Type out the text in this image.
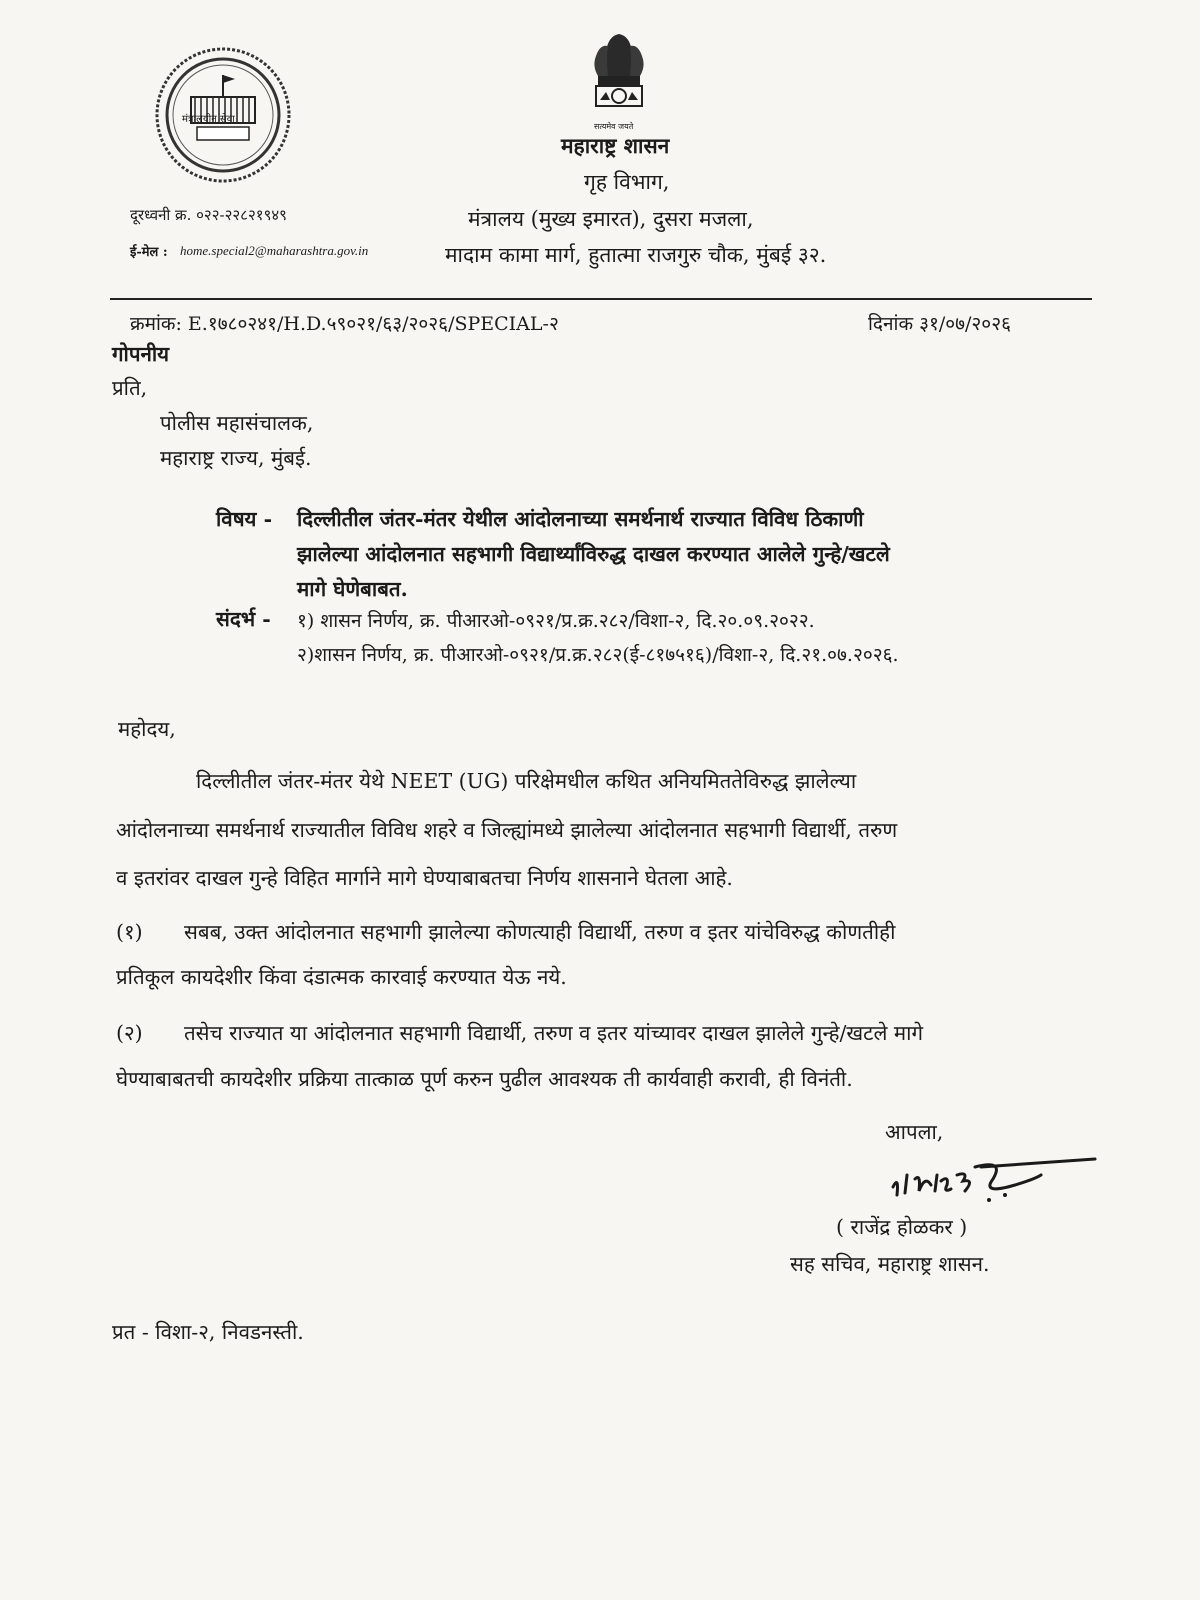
मंत्रालयीन सेवा
सत्यमेव जयते
महाराष्ट्र शासन
गृह विभाग,
मंत्रालय (मुख्य इमारत), दुसरा मजला,
मादाम कामा मार्ग, हुतात्मा राजगुरु चौक, मुंबई ३२.
दूरध्वनी क्र. ०२२-२२८२१९४९
ई-मेल : home.special2@maharashtra.gov.in
क्रमांक: E.१७८०२४१/H.D.५९०२१/६३/२०२६/SPECIAL-२	दिनांक ३१/०७/२०२६
गोपनीय
प्रति,
पोलीस महासंचालक,
महाराष्ट्र राज्य, मुंबई.
विषय - दिल्लीतील जंतर-मंतर येथील आंदोलनाच्या समर्थनार्थ राज्यात विविध ठिकाणी
झालेल्या आंदोलनात सहभागी विद्यार्थ्यांविरुद्ध दाखल करण्यात आलेले गुन्हे/खटले
मागे घेणेबाबत.
संदर्भ - १) शासन निर्णय, क्र. पीआरओ-०९२१/प्र.क्र.२८२/विशा-२, दि.२०.०९.२०२२.
२)शासन निर्णय, क्र. पीआरओ-०९२१/प्र.क्र.२८२(ई-८१७५१६)/विशा-२, दि.२१.०७.२०२६.
महोदय,
दिल्लीतील जंतर-मंतर येथे NEET (UG) परिक्षेमधील कथित अनियमिततेविरुद्ध झालेल्या
आंदोलनाच्या समर्थनार्थ राज्यातील विविध शहरे व जिल्ह्यांमध्ये झालेल्या आंदोलनात सहभागी विद्यार्थी, तरुण
व इतरांवर दाखल गुन्हे विहित मार्गाने मागे घेण्याबाबतचा निर्णय शासनाने घेतला आहे.
(१) सबब, उक्त आंदोलनात सहभागी झालेल्या कोणत्याही विद्यार्थी, तरुण व इतर यांचेविरुद्ध कोणतीही
प्रतिकूल कायदेशीर किंवा दंडात्मक कारवाई करण्यात येऊ नये.
(२) तसेच राज्यात या आंदोलनात सहभागी विद्यार्थी, तरुण व इतर यांच्यावर दाखल झालेले गुन्हे/खटले मागे
घेण्याबाबतची कायदेशीर प्रक्रिया तात्काळ पूर्ण करुन पुढील आवश्यक ती कार्यवाही करावी, ही विनंती.
आपला,
( राजेंद्र होळकर )
सह सचिव, महाराष्ट्र शासन.
प्रत - विशा-२, निवडनस्ती.
